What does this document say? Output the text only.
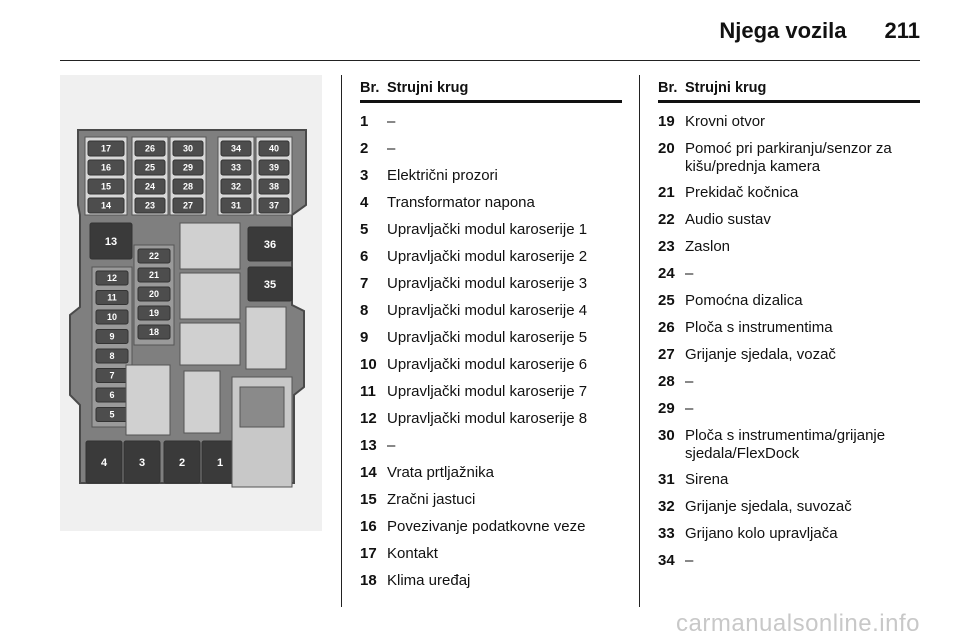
Njega vozila 211
17
16
15
14
26
25
24
23
30
29
28
27
34
33
32
31
40
39
38
37
13	36
35
4	3	2	1
12
11
10
9
8
7
6
5
22
21
20
19
18
Br. Strujni krug
1	–
2	–
3	Električni prozori
4	Transformator napona
5	Upravljački modul karoserije 1
6	Upravljački modul karoserije 2
7	Upravljački modul karoserije 3
8	Upravljački modul karoserije 4
9	Upravljački modul karoserije 5
10 Upravljački modul karoserije 6
11 Upravljački modul karoserije 7
12 Upravljački modul karoserije 8
13 –
14 Vrata prtljažnika
15 Zračni jastuci
16 Povezivanje podatkovne veze
17 Kontakt
18 Klima uređaj
Br. Strujni krug
19 Krovni otvor
20 Pomoć pri parkiranju/senzor za kišu/prednja kamera
21 Prekidač kočnica
22 Audio sustav
23 Zaslon
24 –
25 Pomoćna dizalica
26 Ploča s instrumentima
27 Grijanje sjedala, vozač
28 –
29 –
30 Ploča s instrumentima/grijanje sjedala/FlexDock
31 Sirena
32 Grijanje sjedala, suvozač
33 Grijano kolo upravljača
34 –
carmanualsonline.info
